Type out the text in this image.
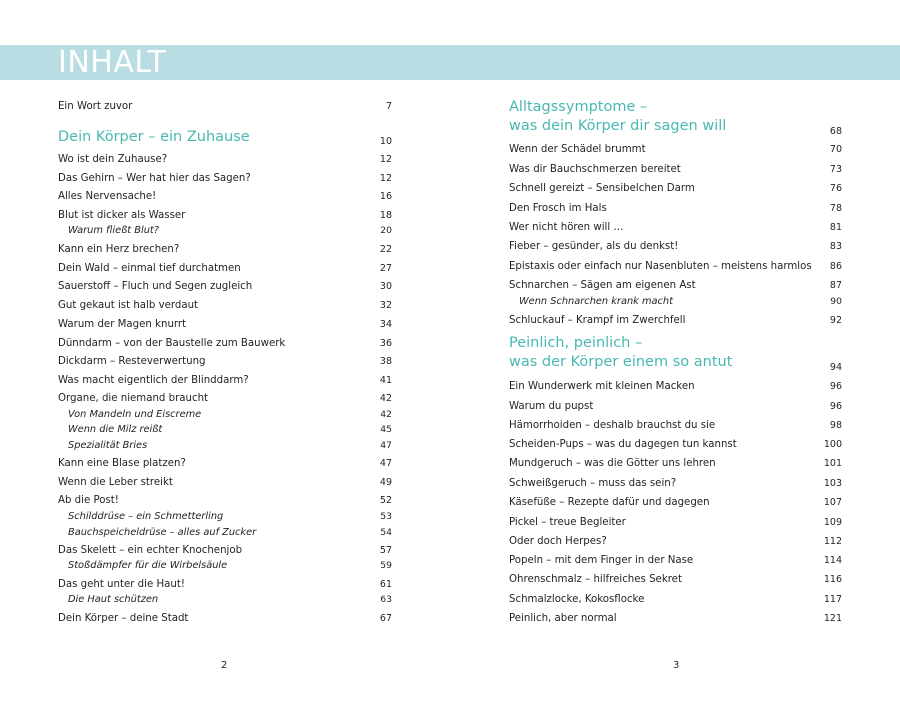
INHALT
Ein Wort zuvor	7
Dein Körper – ein Zuhause	10
Wo ist dein Zuhause?	12
Das Gehirn – Wer hat hier das Sagen?	12
Alles Nervensache!	16
Blut ist dicker als Wasser	18
Warum fließt Blut?	20
Kann ein Herz brechen?	22
Dein Wald – einmal tief durchatmen	27
Sauerstoff – Fluch und Segen zugleich	30
Gut gekaut ist halb verdaut	32
Warum der Magen knurrt	34
Dünndarm – von der Baustelle zum Bauwerk	36
Dickdarm – Resteverwertung	38
Was macht eigentlich der Blinddarm?	41
Organe, die niemand braucht	42
Von Mandeln und Eiscreme	42
Wenn die Milz reißt	45
Spezialität Bries	47
Kann eine Blase platzen?	47
Wenn die Leber streikt	49
Ab die Post!	52
Schilddrüse – ein Schmetterling	53
Bauchspeicheldrüse – alles auf Zucker	54
Das Skelett – ein echter Knochenjob	57
Stoßdämpfer für die Wirbelsäule	59
Das geht unter die Haut!	61
Die Haut schützen	63
Dein Körper – deine Stadt	67
Alltagssymptome –
was dein Körper dir sagen will	68
Wenn der Schädel brummt	70
Was dir Bauchschmerzen bereitet	73
Schnell gereizt – Sensibelchen Darm	76
Den Frosch im Hals	78
Wer nicht hören will …	81
Fieber – gesünder, als du denkst!	83
Epistaxis oder einfach nur Nasenbluten – meistens harmlos 86
Schnarchen – Sägen am eigenen Ast	87
Wenn Schnarchen krank macht	90
Schluckauf – Krampf im Zwerchfell	92
Peinlich, peinlich –
was der Körper einem so antut	94
Ein Wunderwerk mit kleinen Macken	96
Warum du pupst	96
Hämorrhoiden – deshalb brauchst du sie	98
Scheiden-Pups – was du dagegen tun kannst	100
Mundgeruch – was die Götter uns lehren	101
Schweißgeruch – muss das sein?	103
Käsefüße – Rezepte dafür und dagegen	107
Pickel – treue Begleiter	109
Oder doch Herpes?	112
Popeln – mit dem Finger in der Nase	114
Ohrenschmalz – hilfreiches Sekret	116
Schmalzlocke, Kokosflocke	117
Peinlich, aber normal	121
2	3
